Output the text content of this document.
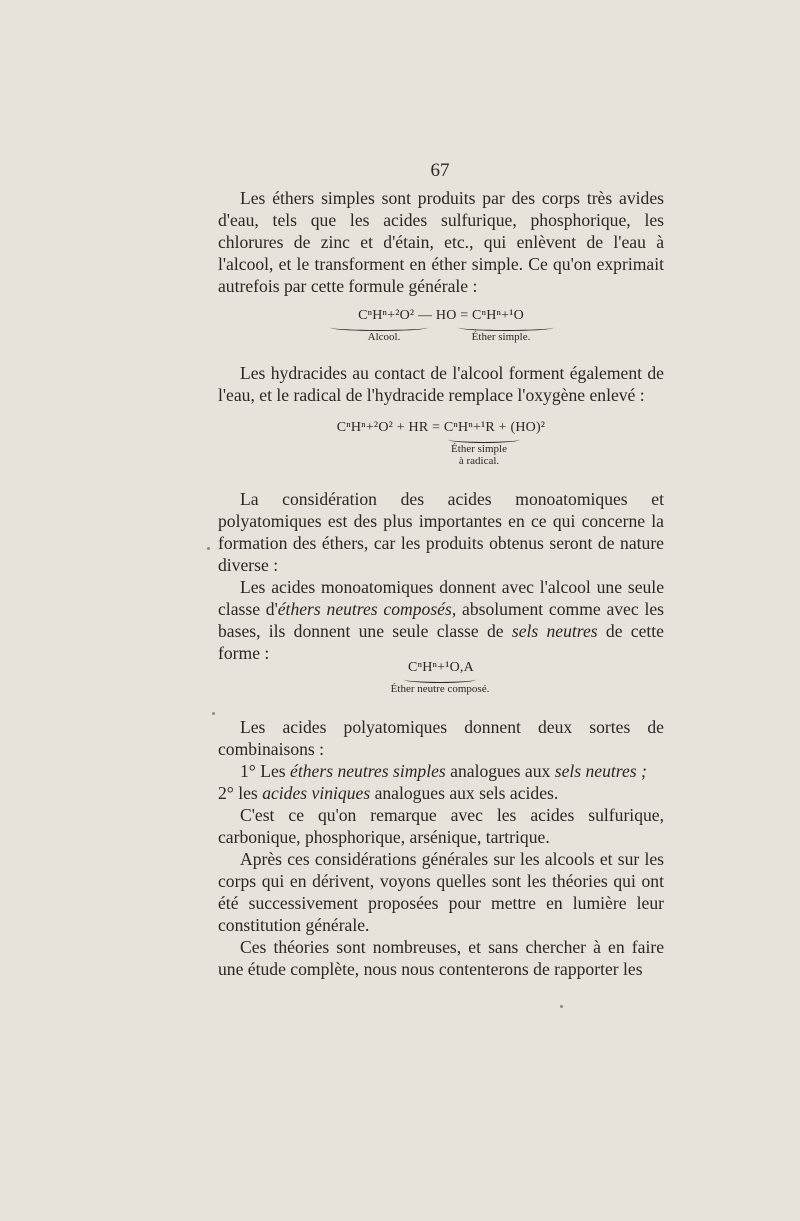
67

Les éthers simples sont produits par des corps très avides d'eau, tels que les acides sulfurique, phosphorique, les chlorures de zinc et d'étain, etc., qui enlèvent de l'eau à l'alcool, et le transforment en éther simple. Ce qu'on exprimait autrefois par cette formule générale :

CⁿHⁿ+²O² — HO = CⁿHⁿ+¹O
Alcool.	Éther simple.

Les hydracides au contact de l'alcool forment également de l'eau, et le radical de l'hydracide remplace l'oxygène enlevé :

CⁿHⁿ+²O² + HR = CⁿHⁿ+¹R + (HO)²
Éther simple
à radical.

La considération des acides monoatomiques et polyatomiques est des plus importantes en ce qui concerne la formation des éthers, car les produits obtenus seront de nature diverse :

Les acides monoatomiques donnent avec l'alcool une seule classe d'éthers neutres composés, absolument comme avec les bases, ils donnent une seule classe de sels neutres de cette forme :

CⁿHⁿ+¹O,A
Éther neutre composé.

Les acides polyatomiques donnent deux sortes de combinaisons :

1° Les éthers neutres simples analogues aux sels neutres ;

2° les acides viniques analogues aux sels acides.

C'est ce qu'on remarque avec les acides sulfurique, carbonique, phosphorique, arsénique, tartrique.

Après ces considérations générales sur les alcools et sur les corps qui en dérivent, voyons quelles sont les théories qui ont été successivement proposées pour mettre en lumière leur constitution générale.

Ces théories sont nombreuses, et sans chercher à en faire une étude complète, nous nous contenterons de rapporter les
